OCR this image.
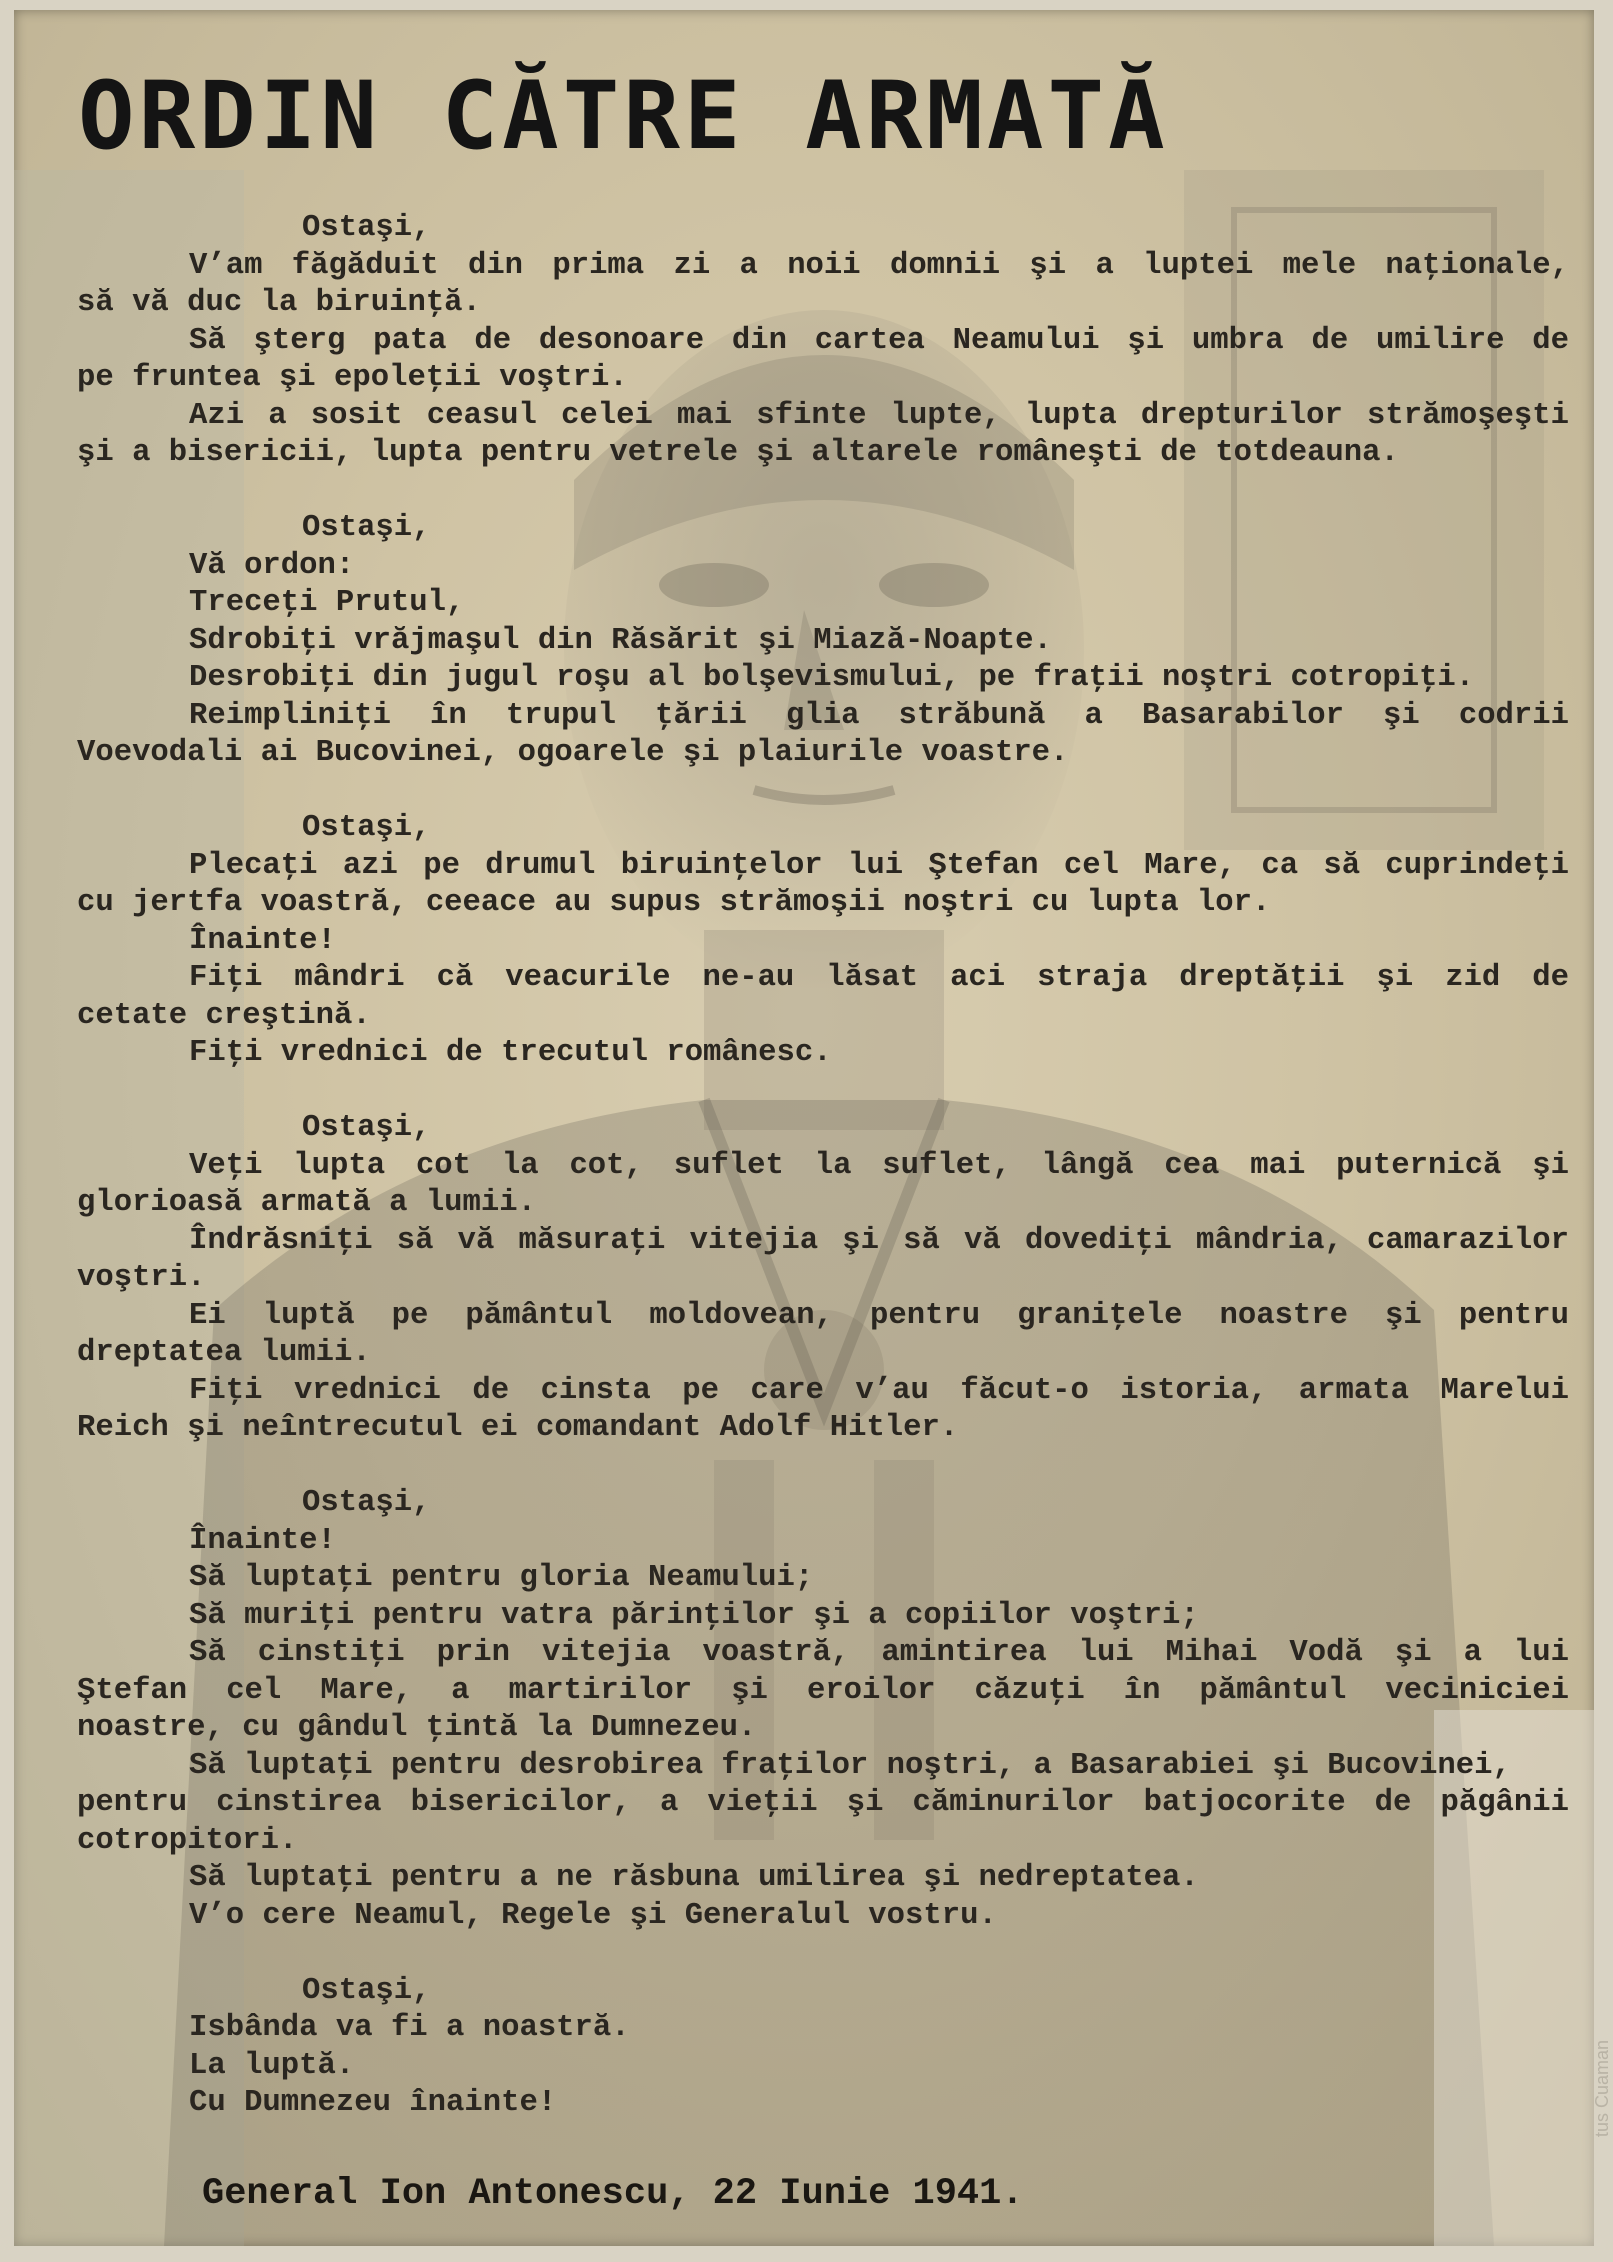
ORDIN CĂTRE ARMATĂ
Ostaşi,
V’am făgăduit din prima zi a noii domnii şi a luptei mele naţionale,
să vă duc la biruinţă.
Să şterg pata de desonoare din cartea Neamului şi umbra de umilire de
pe fruntea şi epoleţii voştri.
Azi a sosit ceasul celei mai sfinte lupte, lupta drepturilor strămoşeşti
şi a bisericii, lupta pentru vetrele şi altarele româneşti de totdeauna.
Ostaşi,
Vă ordon:
Treceţi Prutul,
Sdrobiţi vrăjmaşul din Răsărit şi Miază-Noapte.
Desrobiţi din jugul roşu al bolşevismului, pe fraţii noştri cotropiţi.
Reimpliniţi în trupul ţării glia străbună a Basarabilor şi codrii
Voevodali ai Bucovinei, ogoarele şi plaiurile voastre.
Ostaşi,
Plecaţi azi pe drumul biruinţelor lui Ştefan cel Mare, ca să cuprindeţi
cu jertfa voastră, ceeace au supus strămoşii noştri cu lupta lor.
Înainte!
Fiţi mândri că veacurile ne-au lăsat aci straja dreptăţii şi zid de
cetate creştină.
Fiţi vrednici de trecutul românesc.
Ostaşi,
Veţi lupta cot la cot, suflet la suflet, lângă cea mai puternică şi
glorioasă armată a lumii.
Îndrăsniţi să vă măsuraţi vitejia şi să vă dovediţi mândria, camarazilor
voştri.
Ei luptă pe pământul moldovean, pentru graniţele noastre şi pentru
dreptatea lumii.
Fiţi vrednici de cinsta pe care v’au făcut-o istoria, armata Marelui
Reich şi neîntrecutul ei comandant Adolf Hitler.
Ostaşi,
Înainte!
Să luptaţi pentru gloria Neamului;
Să muriţi pentru vatra părinţilor şi a copiilor voştri;
Să cinstiţi prin vitejia voastră, amintirea lui Mihai Vodă şi a lui
Ştefan cel Mare, a martirilor şi eroilor căzuţi în pământul veciniciei
noastre, cu gândul ţintă la Dumnezeu.
Să luptaţi pentru desrobirea fraţilor noştri, a Basarabiei şi Bucovinei,
pentru cinstirea bisericilor, a vieţii şi căminurilor batjocorite de păgânii
cotropitori.
Să luptaţi pentru a ne răsbuna umilirea şi nedreptatea.
V’o cere Neamul, Regele şi Generalul vostru.
Ostaşi,
Isbânda va fi a noastră.
La luptă.
Cu Dumnezeu înainte!
General Ion Antonescu, 22 Iunie 1941.
tus Cuaman
